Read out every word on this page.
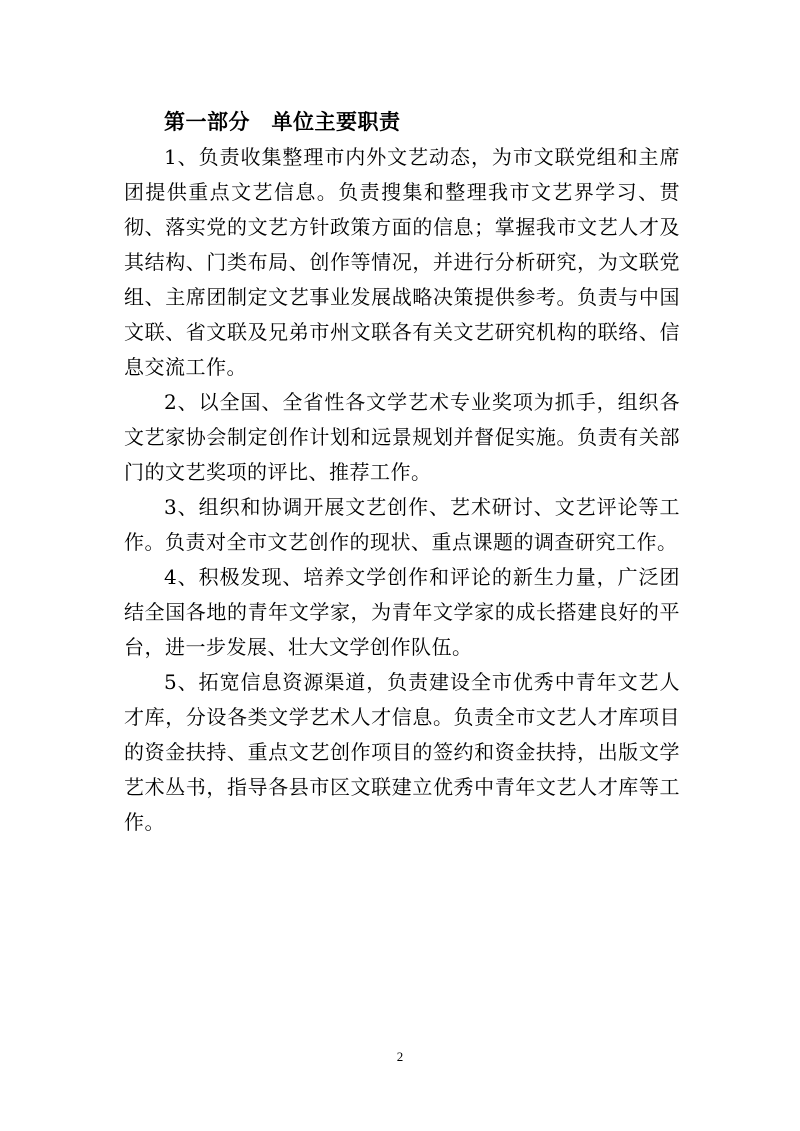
第一部分　单位主要职责

1、负责收集整理市内外文艺动态，为市文联党组和主席团提供重点文艺信息。负责搜集和整理我市文艺界学习、贯彻、落实党的文艺方针政策方面的信息；掌握我市文艺人才及其结构、门类布局、创作等情况，并进行分析研究，为文联党组、主席团制定文艺事业发展战略决策提供参考。负责与中国文联、省文联及兄弟市州文联各有关文艺研究机构的联络、信息交流工作。

2、以全国、全省性各文学艺术专业奖项为抓手，组织各文艺家协会制定创作计划和远景规划并督促实施。负责有关部门的文艺奖项的评比、推荐工作。

3、组织和协调开展文艺创作、艺术研讨、文艺评论等工作。负责对全市文艺创作的现状、重点课题的调查研究工作。

4、积极发现、培养文学创作和评论的新生力量，广泛团结全国各地的青年文学家，为青年文学家的成长搭建良好的平台，进一步发展、壮大文学创作队伍。

5、拓宽信息资源渠道，负责建设全市优秀中青年文艺人才库，分设各类文学艺术人才信息。负责全市文艺人才库项目的资金扶持、重点文艺创作项目的签约和资金扶持，出版文学艺术丛书，指导各县市区文联建立优秀中青年文艺人才库等工作。

2
